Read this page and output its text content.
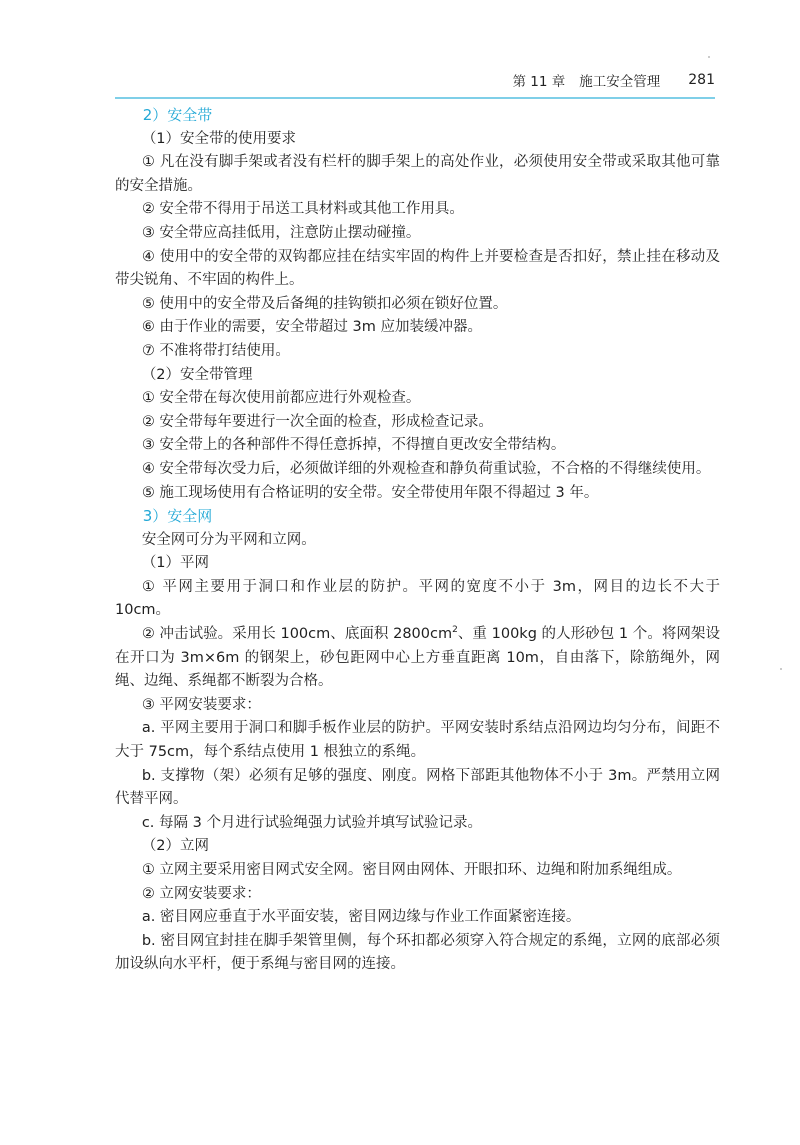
第 11 章 施工安全管理 281

2）安全带

（1）安全带的使用要求

① 凡在没有脚手架或者没有栏杆的脚手架上的高处作业，必须使用安全带或采取其他可靠的安全措施。

② 安全带不得用于吊送工具材料或其他工作用具。

③ 安全带应高挂低用，注意防止摆动碰撞。

④ 使用中的安全带的双钩都应挂在结实牢固的构件上并要检查是否扣好，禁止挂在移动及带尖锐角、不牢固的构件上。

⑤ 使用中的安全带及后备绳的挂钩锁扣必须在锁好位置。

⑥ 由于作业的需要，安全带超过 3m 应加装缓冲器。

⑦ 不准将带打结使用。

（2）安全带管理

① 安全带在每次使用前都应进行外观检查。

② 安全带每年要进行一次全面的检查，形成检查记录。

③ 安全带上的各种部件不得任意拆掉，不得擅自更改安全带结构。

④ 安全带每次受力后，必须做详细的外观检查和静负荷重试验，不合格的不得继续使用。

⑤ 施工现场使用有合格证明的安全带。安全带使用年限不得超过 3 年。

3）安全网

安全网可分为平网和立网。

（1）平网

① 平网主要用于洞口和作业层的防护。平网的宽度不小于 3m，网目的边长不大于 10cm。

② 冲击试验。采用长 100cm、底面积 $2800cm^2$、重 100kg 的人形砂包 1 个。将网架设在开口为 3m×6m 的钢架上，砂包距网中心上方垂直距离 10m，自由落下，除筋绳外，网绳、边绳、系绳都不断裂为合格。

③ 平网安装要求：

a. 平网主要用于洞口和脚手板作业层的防护。平网安装时系结点沿网边均匀分布，间距不大于 75cm，每个系结点使用 1 根独立的系绳。

b. 支撑物（架）必须有足够的强度、刚度。网格下部距其他物体不小于 3m。严禁用立网代替平网。

c. 每隔 3 个月进行试验绳强力试验并填写试验记录。

（2）立网

① 立网主要采用密目网式安全网。密目网由网体、开眼扣环、边绳和附加系绳组成。

② 立网安装要求：

a. 密目网应垂直于水平面安装，密目网边缘与作业工作面紧密连接。

b. 密目网宜封挂在脚手架管里侧，每个环扣都必须穿入符合规定的系绳，立网的底部必须加设纵向水平杆，便于系绳与密目网的连接。
